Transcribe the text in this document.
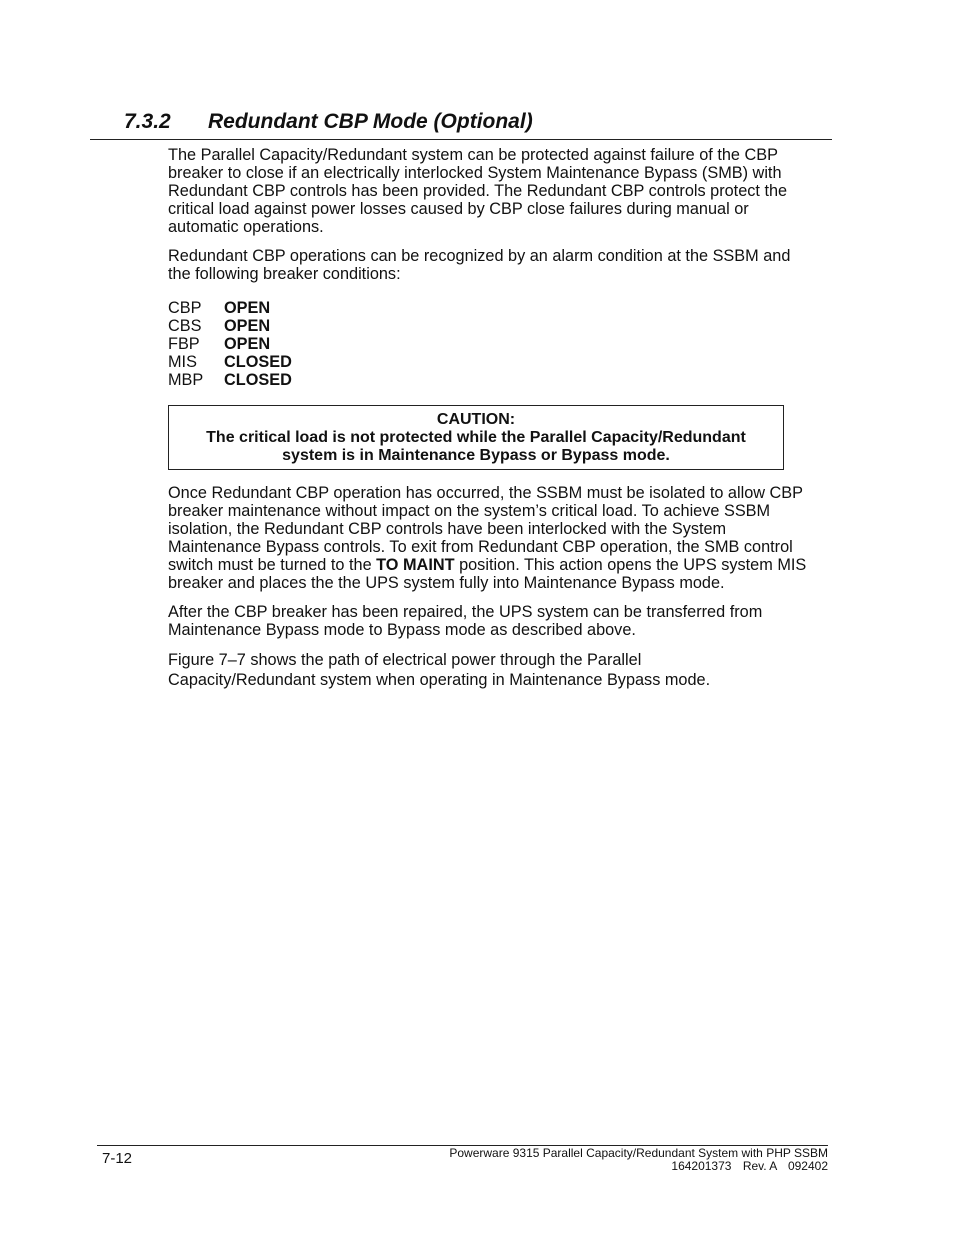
7.3.2 Redundant CBP Mode (Optional)

The Parallel Capacity/Redundant system can be protected against failure of the CBP breaker to close if an electrically interlocked System Maintenance Bypass (SMB) with Redundant CBP controls has been provided. The Redundant CBP controls protect the critical load against power losses caused by CBP close failures during manual or automatic operations.

Redundant CBP operations can be recognized by an alarm condition at the SSBM and the following breaker conditions:

CBP OPEN
CBS OPEN
FBP OPEN
MIS CLOSED
MBP CLOSED
CAUTION:
The critical load is not protected while the Parallel Capacity/Redundant
system is in Maintenance Bypass or Bypass mode.

Once Redundant CBP operation has occurred, the SSBM must be isolated to allow CBP breaker maintenance without impact on the system’s critical load. To achieve SSBM isolation, the Redundant CBP controls have been interlocked with the System Maintenance Bypass controls. To exit from Redundant CBP operation, the SMB control switch must be turned to the TO MAINT position. This action opens the UPS system MIS breaker and places the the UPS system fully into Maintenance Bypass mode.

After the CBP breaker has been repaired, the UPS system can be transferred from Maintenance Bypass mode to Bypass mode as described above.

Figure 7–7 shows the path of electrical power through the Parallel
Capacity/Redundant system when operating in Maintenance Bypass mode.

7-12	Powerware 9315 Parallel Capacity/Redundant System with PHP SSBM
164201373 Rev. A 092402
